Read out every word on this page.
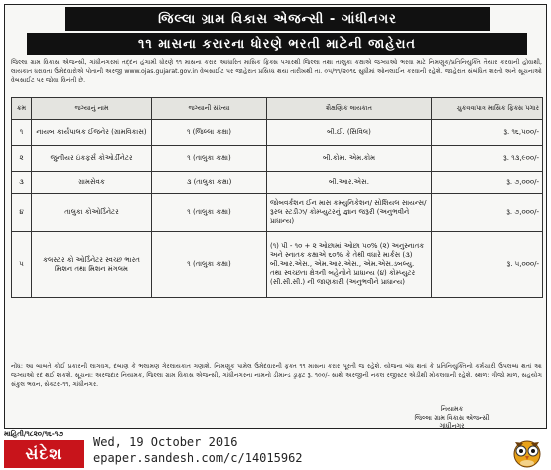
જિલ્લા ગ્રામ વિકાસ એજન્સી - ગાંધીનગર
૧૧ માસના કરારના ધોરણે ભરતી માટેની જાહેરાત
જિલ્લા ગ્રામ વિકાસ એજન્સી, ગાંધીનગરમાં તદ્દન હંગામી ધોરણે ૧૧ માસના કરાર આધારિત માસિક ફિક્સ પગારથી જિલ્લા તથા તાલુકા કક્ષાએ જગ્યાઓ ભરવા માટે નિમણૂક/પ્રતિનિયુક્તિ તૈયાર કરવાની હોવાથી, લાયકાત ધરાવતા ઉમેદવારોએ પોતાની અરજી www.ojas.gujarat.gov.in વેબસાઈટ પર જાહેરાત પ્રસિધ્ધ થયા તારીખથી તા. ૦૫/૧૧/૨૦૧૬ સુધીમાં ઓનલાઈન કરવાની રહેશે. જાહેરાત સંબંધિત શરતો અને સૂચનાઓ વેબસાઈટ પર જોવા વિનંતી છે.
ક્રમ	જગ્યાનું નામ	જગ્યાની સંખ્યા	શૈક્ષણિક લાયકાત	ચુકવવાપાત્ર માસિક ફિક્સ પગાર
૧	નાયબ કાર્યપાલક ઈજનેર (ગ્રામવિકાસ)	૧ (જિલ્લા કક્ષા)	બી.ઈ. (સિવિલ)	રૂ. ૧૬,૫૦૦/-
૨	જુનીયર ઇંકફર્સ કોઓર્ડીનેટર	૧ (તાલુકા કક્ષા)	બી.કોમ. એમ.કોમ	રૂ. ૧૩,૯૦૦/-
૩	ગ્રામસેવક	૩ (તાલુકા કક્ષા)	બી.આર.એસ.	રૂ. ૭,૦૦૦/-
૪	તાલુકા કોઓર્ડિનેટર	૧ (તાલુકા કક્ષા)	જોબવર્કશન ઈન માસ કમ્યુનિકેશન/ સોશિયલ સાયન્સ/ રૂરલ સ્ટડીઝ/ કોમ્પ્યુટરનું જ્ઞાન જરૂરી (અનુભવીને પ્રાધાન્ય)	રૂ. ૭,૦૦૦/-
૫	કલસ્ટર કો ઓર્ડિનેટર સ્વચ્છ ભારત મિશન તથા મિશન મંગલમ	૧ (તાલુકા કક્ષા)	(૧) પી - ૧૦ + ૨ ઓછામાં ઓછા ૫૦% (૨) અનુસ્નાતક અને સ્નાતક કક્ષાએ ૬૦% કે તેથી વધારે માર્કસ (૩) બી.આર.એસ., એમ.આર.એસ., એમ.એસ.ડબલ્યુ. તથા સ્વચ્છતા ક્ષેત્રની બહેનોને પ્રાધાન્ય (૪) કોમ્પ્યુટર (સી.સી.સી.) ની જાણકારી (અનુભવીને પ્રાધાન્ય)	રૂ. ૫,૦૦૦/-
નોંધ: આ બાબતે કોઈ પ્રકારની લાગવગ, દબાણ કે ભલામણ ગેરલાયકાત ગણાશે. નિમણૂક પામેલ ઉમેદવારની ફક્ત ૧૧ માસના કરાર પૂરતી જ રહેશે. યોજના બંધ થતાં કે પ્રતિનિયુક્તિનો કર્મચારી ઉપલબ્ધ થતાં આ જગ્યાઓ રદ થઈ શકશે. સૂચના: અરજદાર નિયામક, જિલ્લા ગ્રામ વિકાસ એજન્સી, ગાંધીનગરના નામનો ડીમાન્ડ ડ્રાફ્ટ રૂ. ૧૦૦/- સાથે અરજીની નકલ રજીસ્ટર એડીથી મોકલવાની રહેશે. સ્થળ: ત્રીજો માળ, સહયોગ સંકુલ ભવન, સેક્ટર-૧૧, ગાંધીનગર.
નિયામક
જિલ્લા ગ્રામ વિકાસ એજન્સી
ગાંધીનગર
માહિતી/૧૮૨૦/૧૬-૧૭
સંદેશ
Wed, 19 October 2016
epaper.sandesh.com/c/14015962
